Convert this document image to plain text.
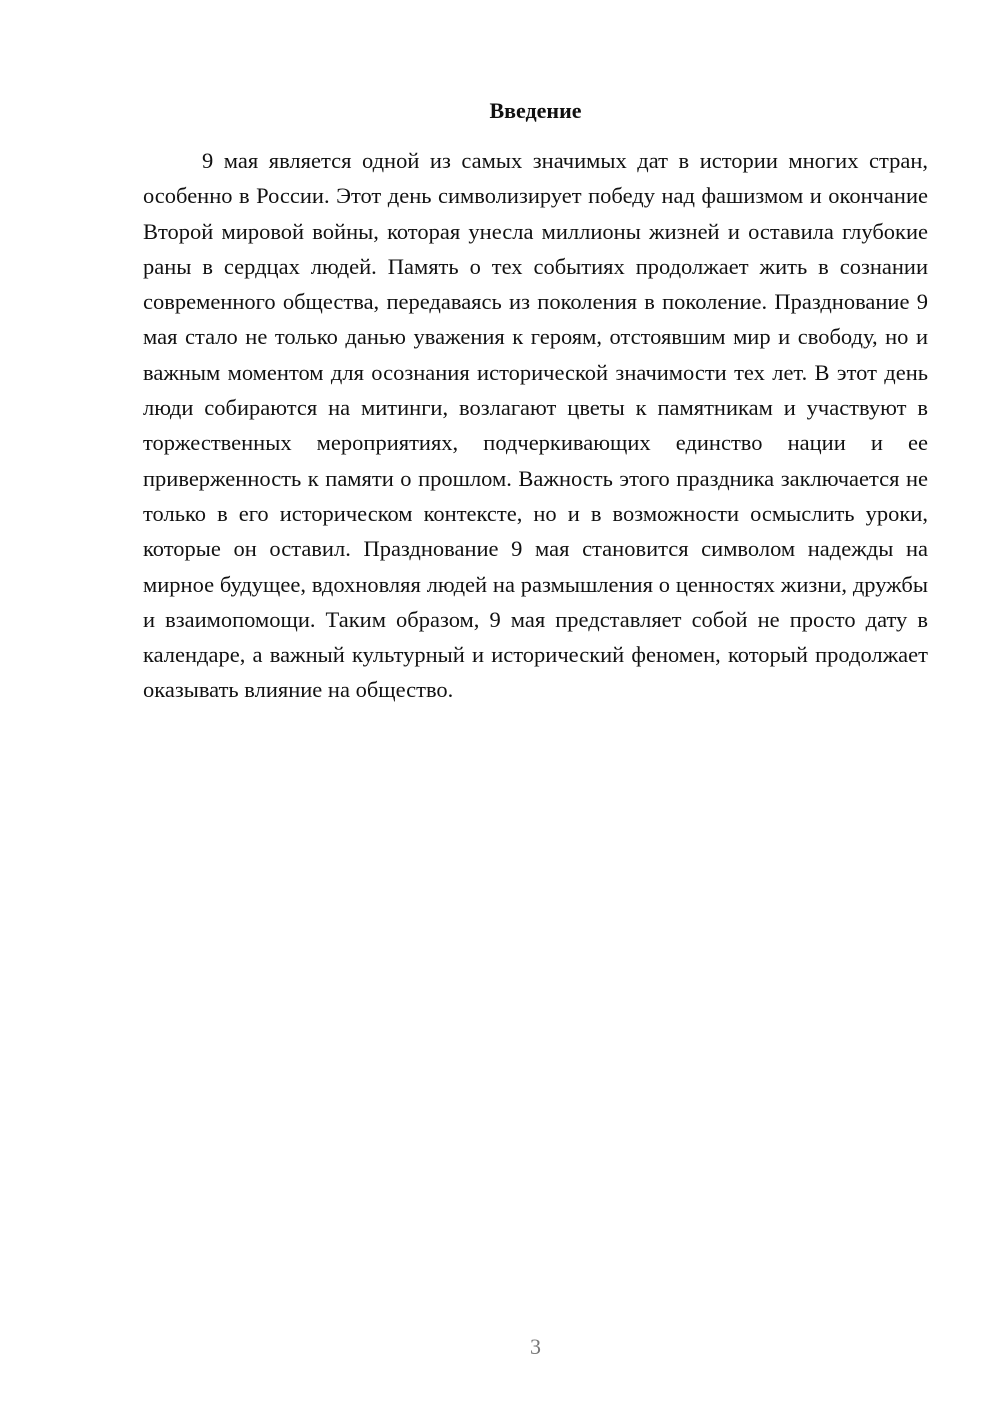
Введение

9 мая является одной из самых значимых дат в истории многих стран, особенно в России. Этот день символизирует победу над фашизмом и окончание Второй мировой войны, которая унесла миллионы жизней и оставила глубокие раны в сердцах людей. Память о тех событиях продолжает жить в сознании современного общества, передаваясь из поколения в поколение. Празднование 9 мая стало не только данью уважения к героям, отстоявшим мир и свободу, но и важным моментом для осознания исторической значимости тех лет. В этот день люди собираются на митинги, возлагают цветы к памятникам и участвуют в торжественных мероприятиях, подчеркивающих единство нации и ее приверженность к памяти о прошлом. Важность этого праздника заключается не только в его историческом контексте, но и в возможности осмыслить уроки, которые он оставил. Празднование 9 мая становится символом надежды на мирное будущее, вдохновляя людей на размышления о ценностях жизни, дружбы и взаимопомощи. Таким образом, 9 мая представляет собой не просто дату в календаре, а важный культурный и исторический феномен, который продолжает оказывать влияние на общество.

3
